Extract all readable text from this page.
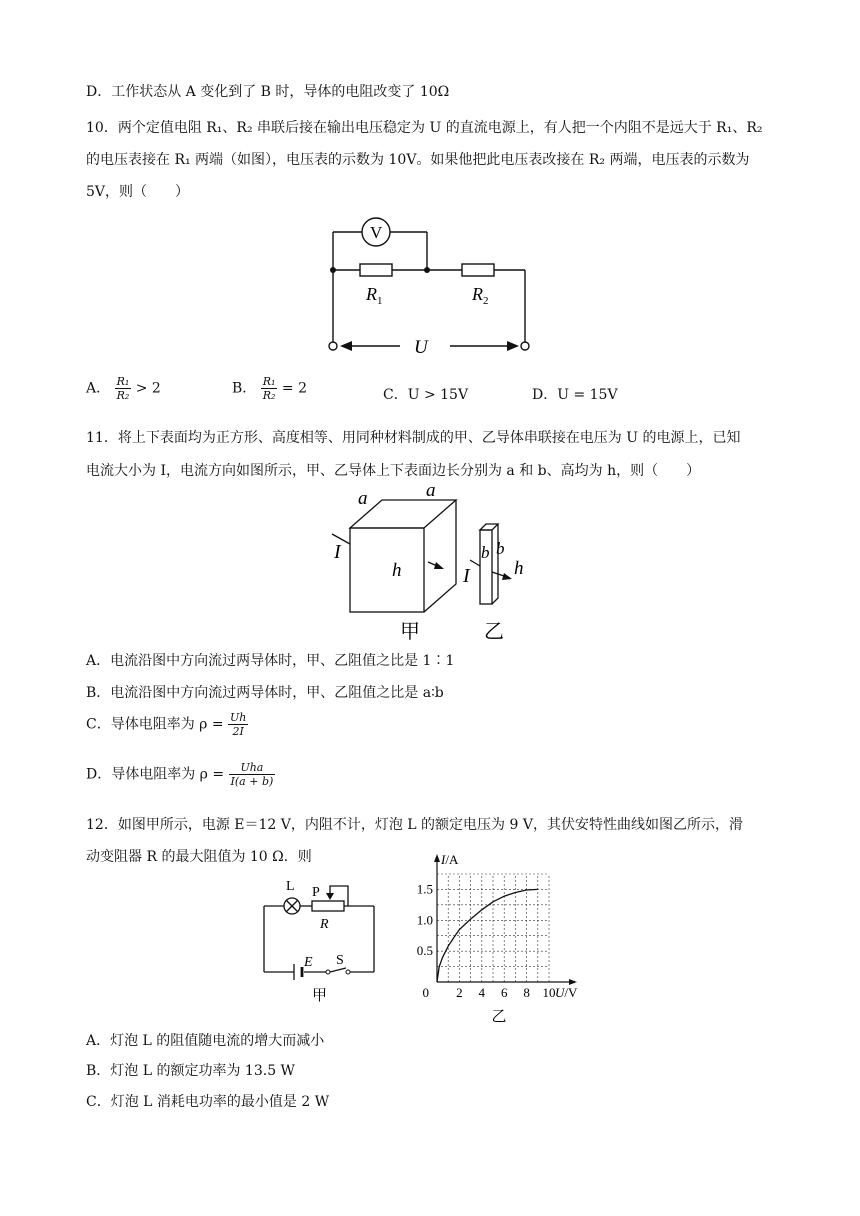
D．工作状态从 A 变化到了 B 时，导体的电阻改变了 10Ω
10．两个定值电阻 R₁、R₂ 串联后接在输出电压稳定为 U 的直流电源上，有人把一个内阻不是远大于 R₁、R₂
的电压表接在 R₁ 两端（如图），电压表的示数为 10V。如果他把此电压表改接在 R₂ 两端，电压表的示数为
5V，则（　　）
V
$R_1$	$R_2$
U
A． $\frac{\text{R₁}}{\text{R₂}} > 2$	B． $\frac{\text{R₁}}{\text{R₂}} = 2$	C．U > 15V	D．U = 15V
11．将上下表面均为正方形、高度相等、用同种材料制成的甲、乙导体串联接在电压为 U 的电源上，已知
电流大小为 I，电流方向如图所示，甲、乙导体上下表面边长分别为 a 和 b、高均为 h，则（　　）
a	a
I
h
b b
I h
甲	乙
A．电流沿图中方向流过两导体时，甲、乙阻值之比是 1∶1
B．电流沿图中方向流过两导体时，甲、乙阻值之比是 a∶b
C．导体电阻率为 $\rho = \frac{Uh}{2I}$
D．导体电阻率为 $\rho = \frac{\text{Uha}}{I(a + b)}$
12．如图甲所示，电源 E＝12 V，内阻不计，灯泡 L 的额定电压为 9 V，其伏安特性曲线如图乙所示，滑
动变阻器 R 的最大阻值为 10 Ω．则
L P
R
E S
甲	2 4 6 8 10
0.5
1.0
1.5
0
I/A
U/V
乙
A．灯泡 L 的阻值随电流的增大而减小
B．灯泡 L 的额定功率为 13.5 W
C．灯泡 L 消耗电功率的最小值是 2 W
